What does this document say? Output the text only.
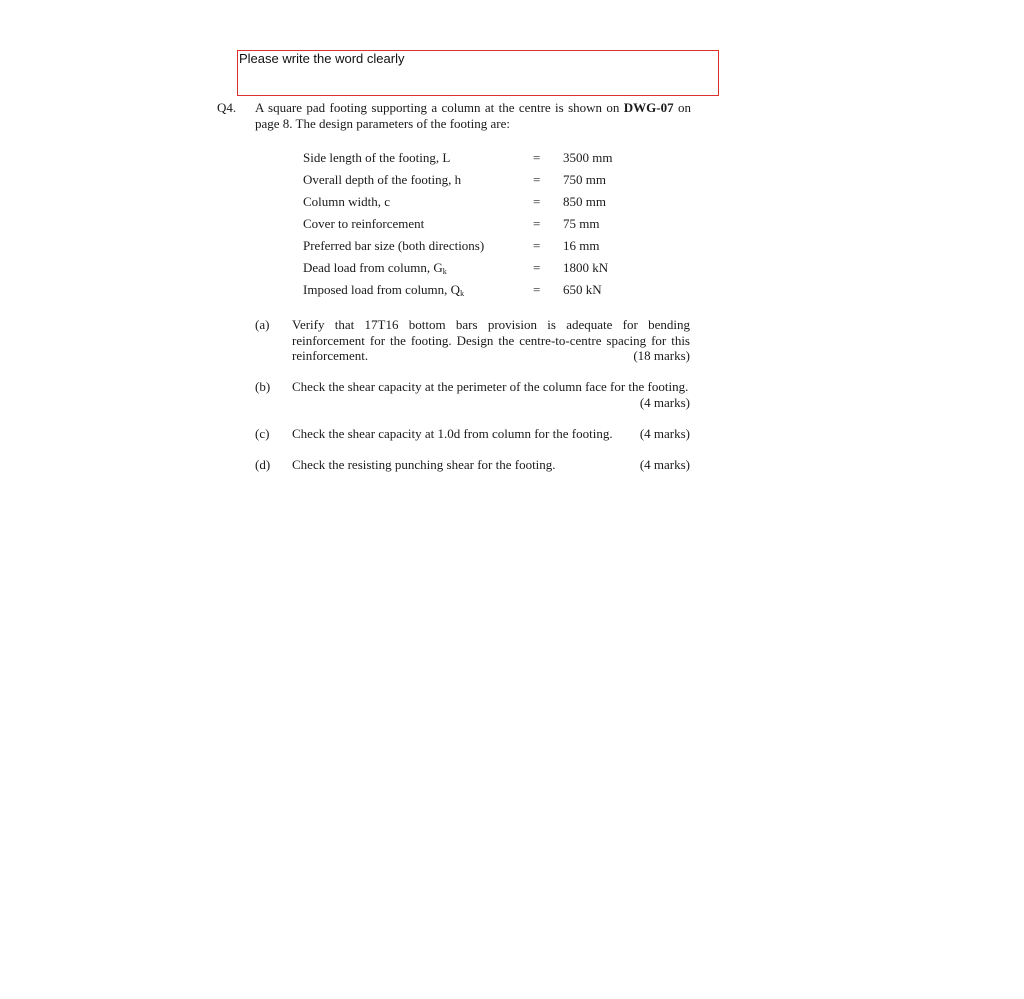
Please write the word clearly
Q4. A square pad footing supporting a column at the centre is shown on DWG-07 on page 8. The design parameters of the footing are:
Side length of the footing, L	= 3500 mm
Overall depth of the footing, h	= 750 mm
Column width, c	= 850 mm
Cover to reinforcement	= 75 mm
Preferred bar size (both directions)	= 16 mm
Dead load from column, $G_k$	= 1800 kN
Imposed load from column, $Q_k$	= 650 kN
(a) Verify that 17T16 bottom bars provision is adequate for bending reinforcement for the footing. Design the centre-to-centre spacing for this reinforcement.	(18 marks)
(b) Check the shear capacity at the perimeter of the column face for the footing.
(4 marks)
(c) Check the shear capacity at 1.0d from column for the footing.	(4 marks)
(d) Check the resisting punching shear for the footing.	(4 marks)
